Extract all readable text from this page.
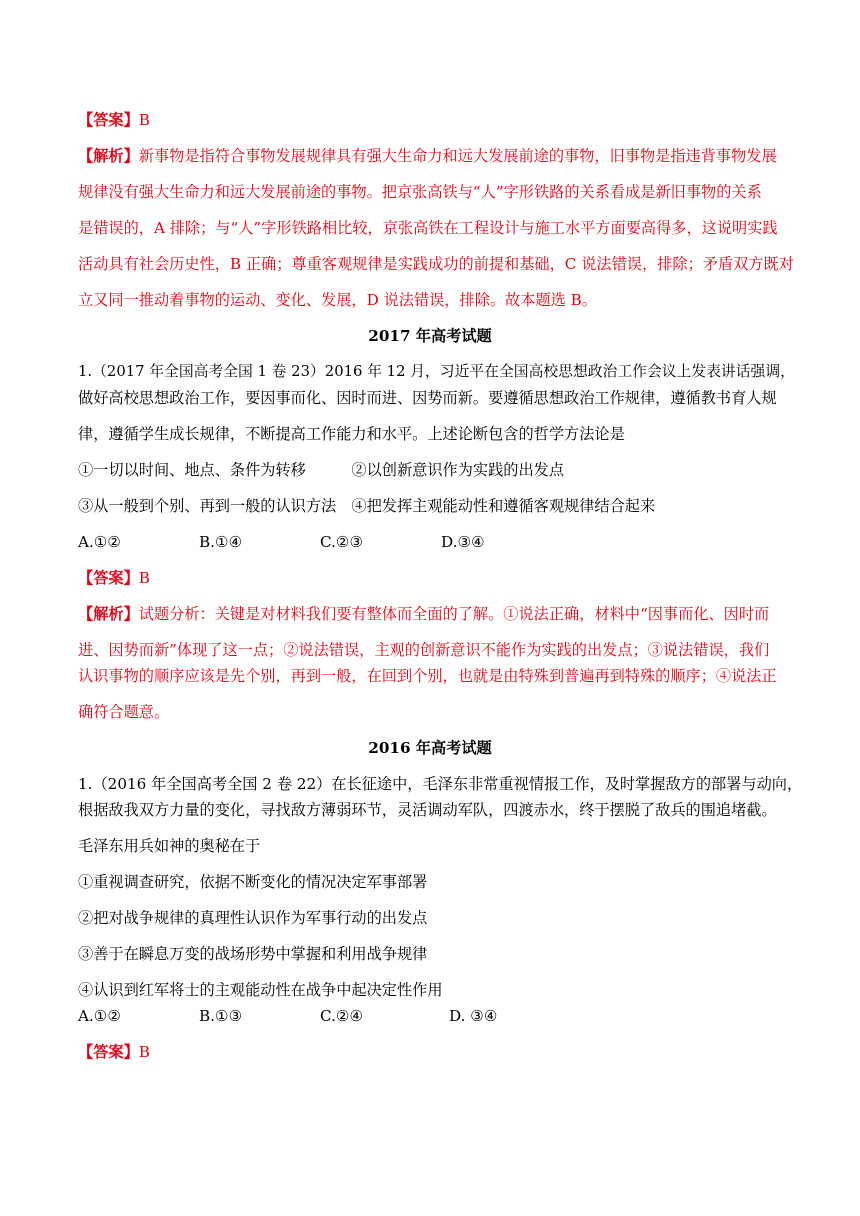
【答案】B
【解析】新事物是指符合事物发展规律具有强大生命力和远大发展前途的事物，旧事物是指违背事物发展
规律没有强大生命力和远大发展前途的事物。把京张高铁与“人”字形铁路的关系看成是新旧事物的关系
是错误的，A 排除；与“人”字形铁路相比较，京张高铁在工程设计与施工水平方面要高得多，这说明实践
活动具有社会历史性，B 正确；尊重客观规律是实践成功的前提和基础，C 说法错误，排除；矛盾双方既对
立又同一推动着事物的运动、变化、发展，D 说法错误，排除。故本题选 B。
2017 年高考试题
1.（2017 年全国高考全国 1 卷 23）2016 年 12 月，习近平在全国高校思想政治工作会议上发表讲话强调，
做好高校思想政治工作，要因事而化、因时而进、因势而新。要遵循思想政治工作规律，遵循教书育人规
律，遵循学生成长规律，不断提高工作能力和水平。上述论断包含的哲学方法论是
①一切以时间、地点、条件为转移　　　②以创新意识作为实践的出发点
③从一般到个别、再到一般的认识方法　④把发挥主观能动性和遵循客观规律结合起来
A.①②	B.①④	C.②③	D.③④
【答案】B
【解析】试题分析：关键是对材料我们要有整体而全面的了解。①说法正确，材料中“因事而化、因时而
进、因势而新”体现了这一点；②说法错误，主观的创新意识不能作为实践的出发点；③说法错误，我们
认识事物的顺序应该是先个别，再到一般，在回到个别，也就是由特殊到普遍再到特殊的顺序；④说法正
确符合题意。
2016 年高考试题
1.（2016 年全国高考全国 2 卷 22）在长征途中，毛泽东非常重视情报工作，及时掌握敌方的部署与动向，
根据敌我双方力量的变化，寻找敌方薄弱环节，灵活调动军队，四渡赤水，终于摆脱了敌兵的围追堵截。
毛泽东用兵如神的奥秘在于
①重视调查研究，依据不断变化的情况决定军事部署
②把对战争规律的真理性认识作为军事行动的出发点
③善于在瞬息万变的战场形势中掌握和利用战争规律
④认识到红军将士的主观能动性在战争中起决定性作用
A.①②	B.①③	C.②④	D. ③④
【答案】B
